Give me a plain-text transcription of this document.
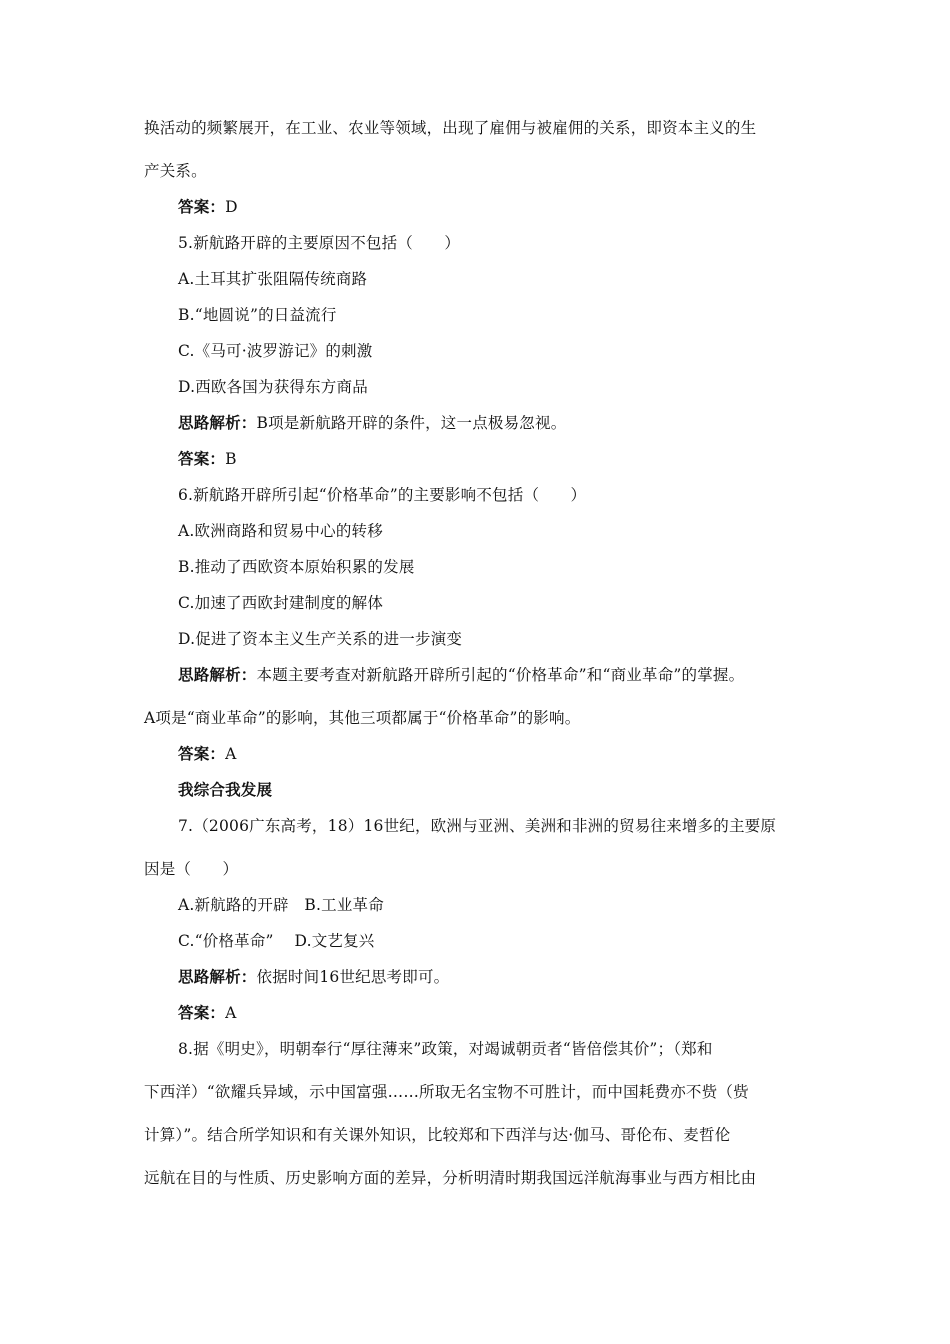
换活动的频繁展开，在工业、农业等领域，出现了雇佣与被雇佣的关系，即资本主义的生

产关系。

答案：D

5.新航路开辟的主要原因不包括（　　）

A.土耳其扩张阻隔传统商路

B.“地圆说”的日益流行

C.《马可·波罗游记》的刺激

D.西欧各国为获得东方商品

思路解析：B项是新航路开辟的条件，这一点极易忽视。

答案：B

6.新航路开辟所引起“价格革命”的主要影响不包括（　　）

A.欧洲商路和贸易中心的转移

B.推动了西欧资本原始积累的发展

C.加速了西欧封建制度的解体

D.促进了资本主义生产关系的进一步演变

思路解析：本题主要考查对新航路开辟所引起的“价格革命”和“商业革命”的掌握。

A项是“商业革命”的影响，其他三项都属于“价格革命”的影响。

答案：A

我综合我发展

7.（2006广东高考，18）16世纪，欧洲与亚洲、美洲和非洲的贸易往来增多的主要原

因是（　　）

A.新航路的开辟　B.工业革命

C.“价格革命”　 D.文艺复兴

思路解析：依据时间16世纪思考即可。

答案：A

8.据《明史》，明朝奉行“厚往薄来”政策，对竭诚朝贡者“皆倍偿其价”；（郑和

下西洋）“欲耀兵异域，示中国富强……所取无名宝物不可胜计，而中国耗费亦不赀（赀

计算）”。结合所学知识和有关课外知识，比较郑和下西洋与达·伽马、哥伦布、麦哲伦

远航在目的与性质、历史影响方面的差异，分析明清时期我国远洋航海事业与西方相比由
